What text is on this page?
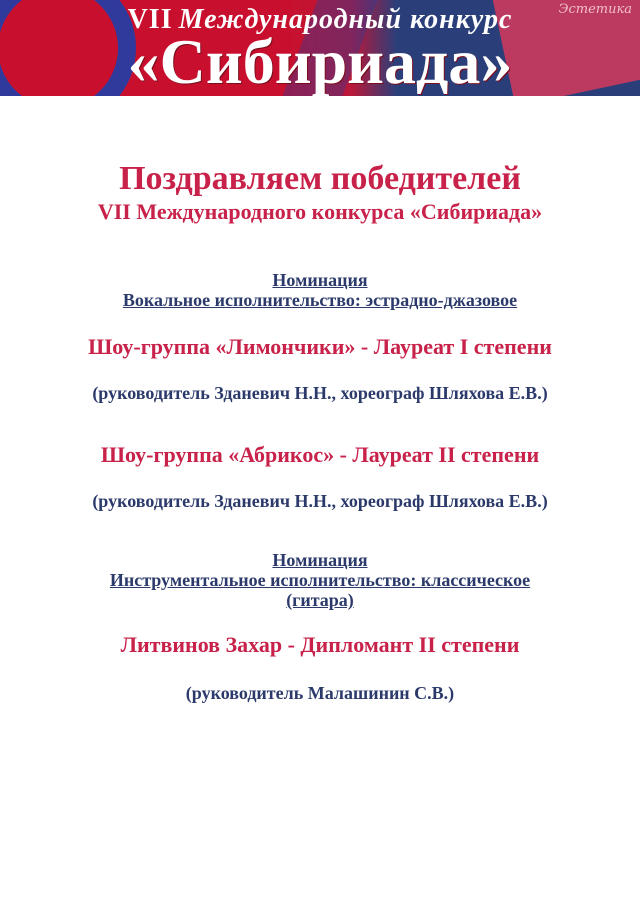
Эстетика
VII Международный конкурс
«Сибириада»
Поздравляем победителей
VII Международного конкурса «Сибириада»
Номинация
Вокальное исполнительство: эстрадно-джазовое
Шоу-группа «Лимончики» - Лауреат I степени
(руководитель Зданевич Н.Н., хореограф Шляхова Е.В.)
Шоу-группа «Абрикос» - Лауреат II степени
(руководитель Зданевич Н.Н., хореограф Шляхова Е.В.)
Номинация
Инструментальное исполнительство: классическое
(гитара)
Литвинов Захар - Дипломант II степени
(руководитель Малашинин С.В.)
